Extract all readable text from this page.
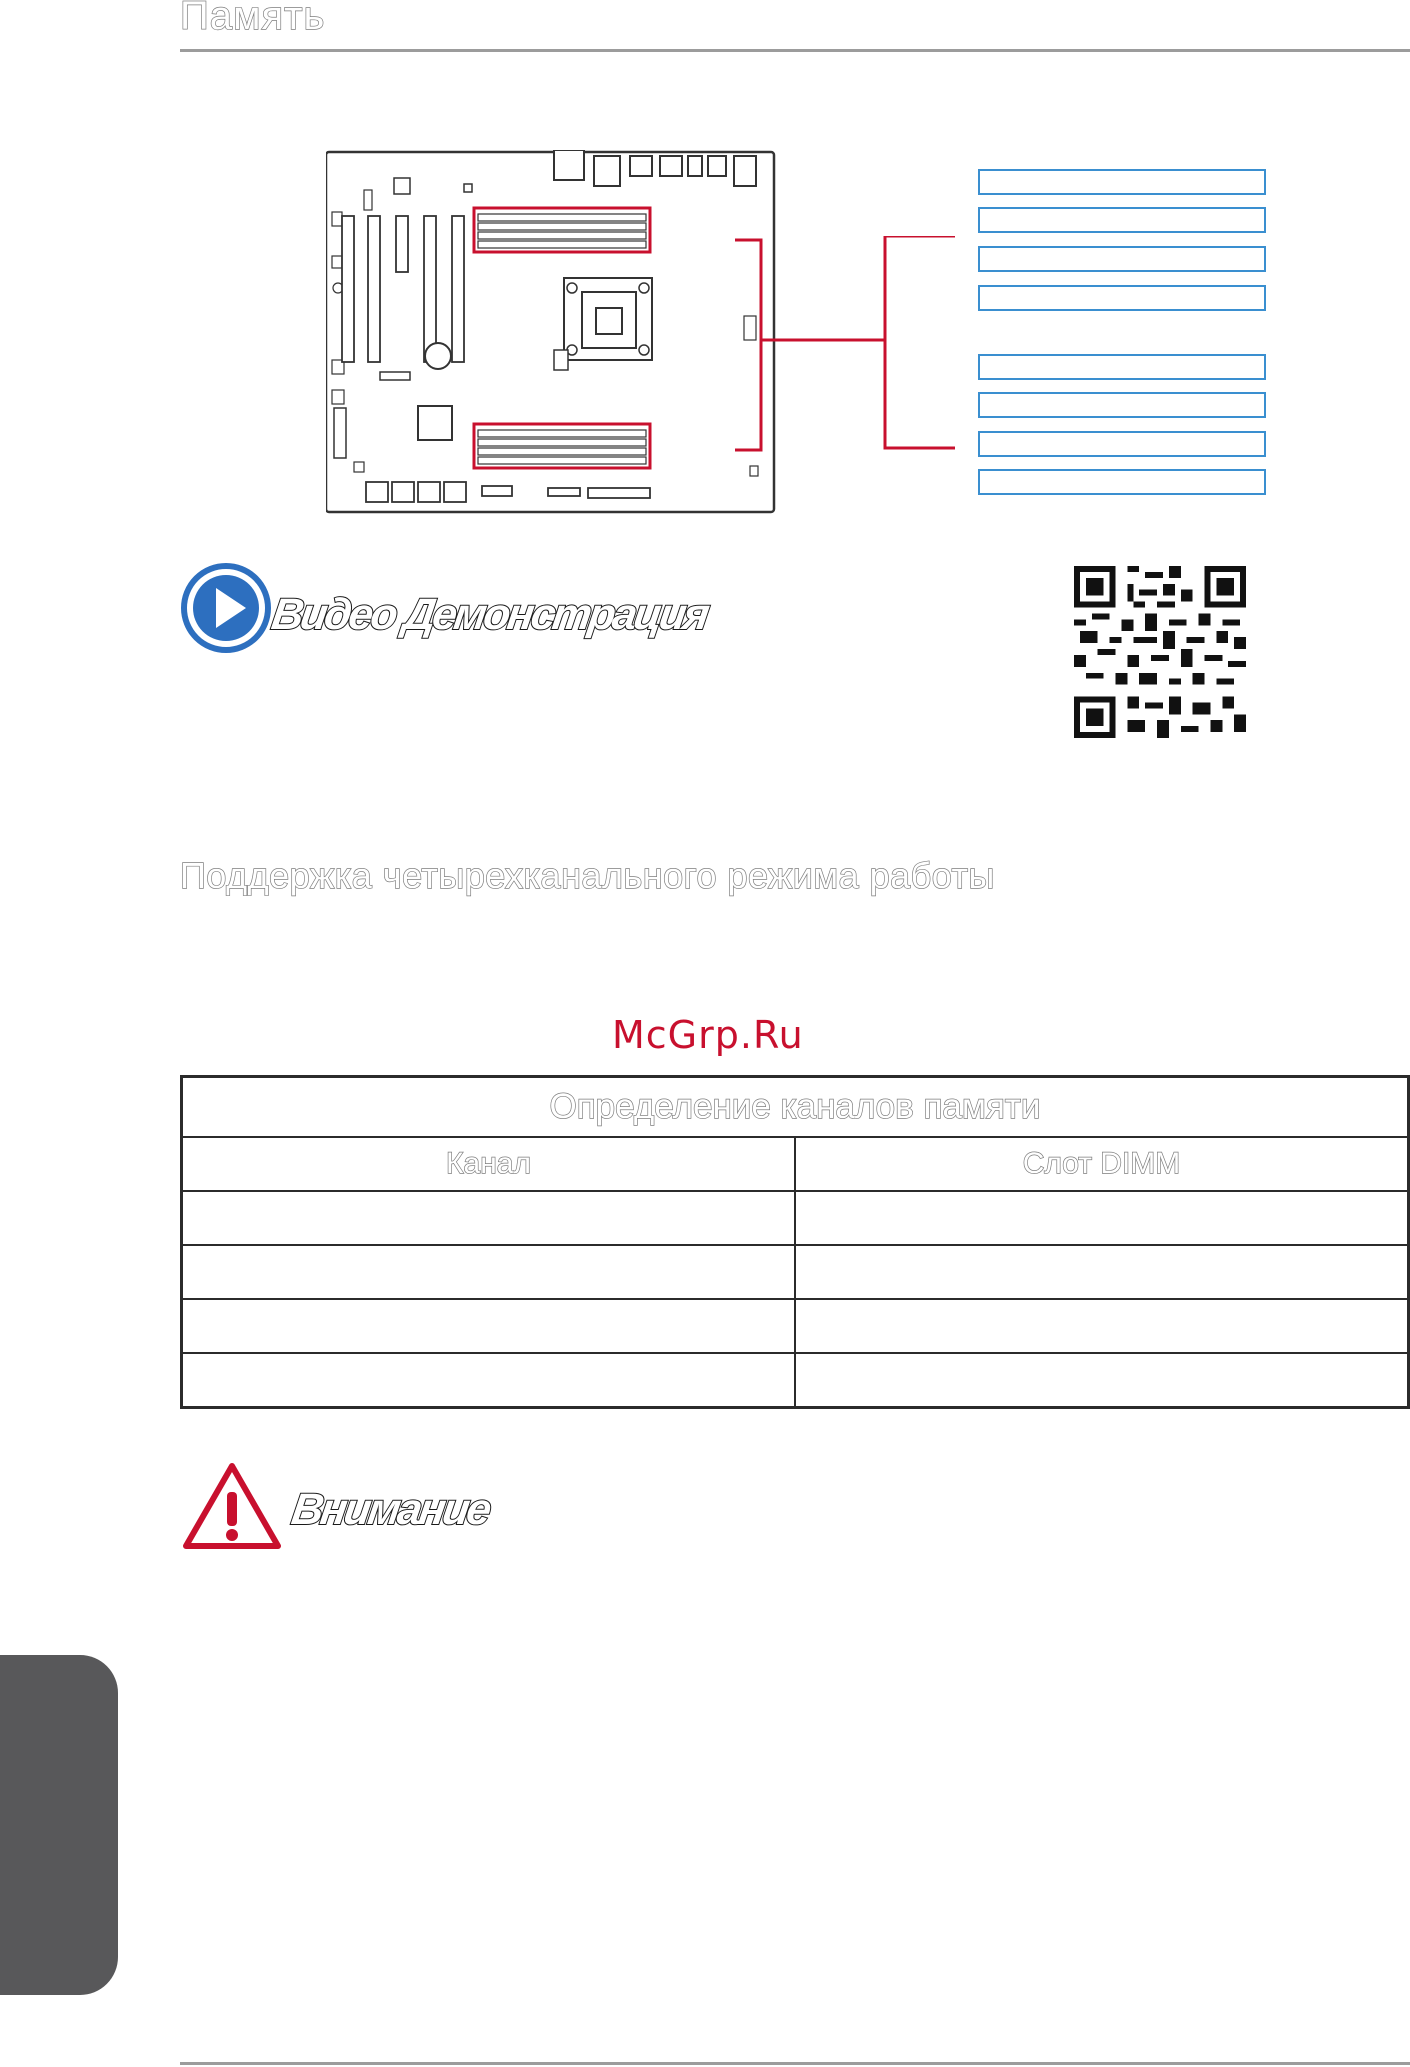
Память
Видео Демонстрация
Поддержка четырехканального режима работы
McGrp.Ru
Определение каналов памяти	
Канал	Слот DIMM

Внимание
